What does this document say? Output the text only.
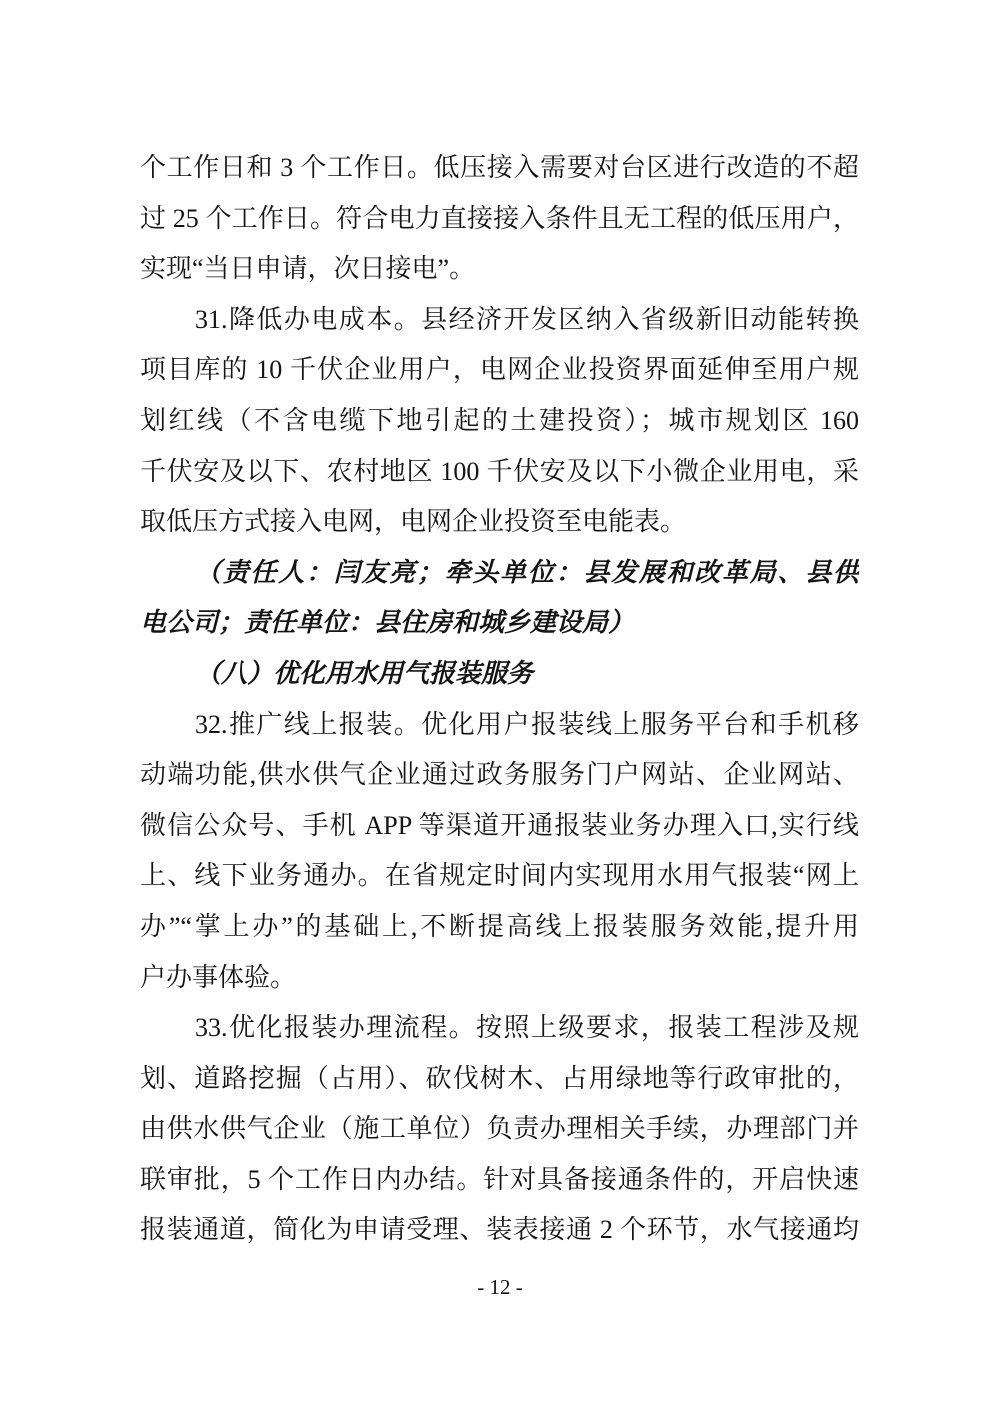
个工作日和 3 个工作日。低压接入需要对台区进行改造的不超
过 25 个工作日。符合电力直接接入条件且无工程的低压用户，
实现“当日申请，次日接电”。
31.降低办电成本。县经济开发区纳入省级新旧动能转换
项目库的 10 千伏企业用户，电网企业投资界面延伸至用户规
划红线（不含电缆下地引起的土建投资）；城市规划区 160
千伏安及以下、农村地区 100 千伏安及以下小微企业用电，采
取低压方式接入电网，电网企业投资至电能表。
（责任人：闫友亮；牵头单位：县发展和改革局、县供
电公司；责任单位：县住房和城乡建设局）
（八）优化用水用气报装服务
32.推广线上报装。优化用户报装线上服务平台和手机移
动端功能,供水供气企业通过政务服务门户网站、企业网站、
微信公众号、手机 APP 等渠道开通报装业务办理入口,实行线
上、线下业务通办。在省规定时间内实现用水用气报装“网上
办”“掌上办”的基础上,不断提高线上报装服务效能,提升用
户办事体验。
33.优化报装办理流程。按照上级要求，报装工程涉及规
划、道路挖掘（占用）、砍伐树木、占用绿地等行政审批的，
由供水供气企业（施工单位）负责办理相关手续，办理部门并
联审批，5 个工作日内办结。针对具备接通条件的，开启快速
报装通道，简化为申请受理、装表接通 2 个环节，水气接通均
- 12 -
